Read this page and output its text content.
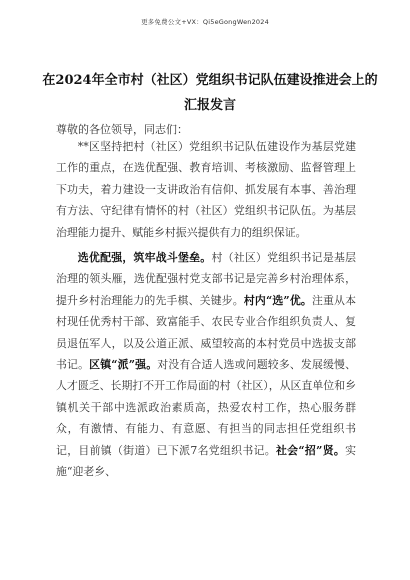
更多免费公文+VX：Qi5eGongWen2024
在2024年全市村（社区）党组织书记队伍建设推进会上的
汇报发言
尊敬的各位领导，同志们：

**区坚持把村（社区）党组织书记队伍建设作为基层党建工作的重点，在选优配强、教育培训、考核激励、监督管理上下功夫，着力建设一支讲政治有信仰、抓发展有本事、善治理有方法、守纪律有情怀的村（社区）党组织书记队伍。为基层治理能力提升、赋能乡村振兴提供有力的组织保证。

选优配强，筑牢战斗堡垒。村（社区）党组织书记是基层治理的领头雁，选优配强村党支部书记是完善乡村治理体系，提升乡村治理能力的先手棋、关键步。村内“选”优。注重从本村现任优秀村干部、致富能手、农民专业合作组织负责人、复员退伍军人，以及公道正派、威望较高的本村党员中选拔支部书记。区镇“派”强。对没有合适人选或问题较多、发展缓慢、人才匮乏、长期打不开工作局面的村（社区），从区直单位和乡镇机关干部中选派政治素质高，热爱农村工作，热心服务群众，有激情、有能力、有意愿、有担当的同志担任党组织书记，目前镇（街道）已下派7名党组织书记。社会“招”贤。实施“迎老乡、
